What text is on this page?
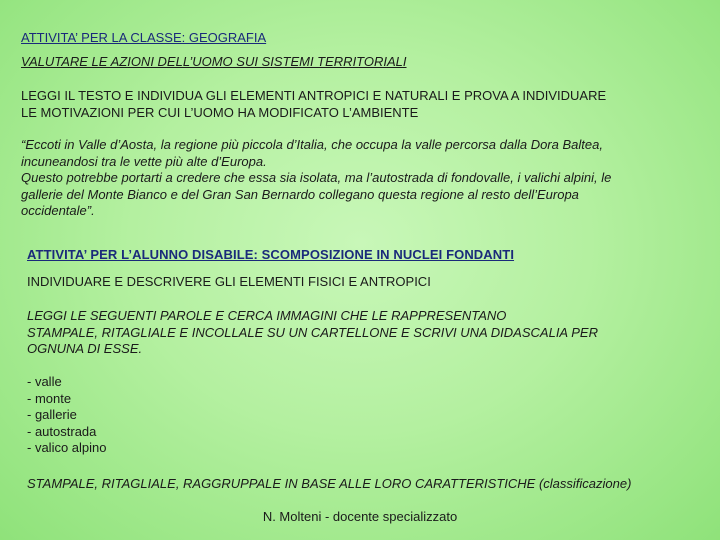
ATTIVITA’ PER LA CLASSE: GEOGRAFIA

VALUTARE LE AZIONI DELL’UOMO SUI SISTEMI TERRITORIALI

LEGGI IL TESTO E INDIVIDUA GLI ELEMENTI ANTROPICI E NATURALI E PROVA A INDIVIDUARE
LE MOTIVAZIONI PER CUI L’UOMO HA MODIFICATO L’AMBIENTE
“Eccoti in Valle d’Aosta, la regione più piccola d’Italia, che occupa la valle percorsa dalla Dora Baltea,
incuneandosi tra le vette più alte d’Europa.
Questo potrebbe portarti a credere che essa sia isolata, ma l’autostrada di fondovalle, i valichi alpini, le
gallerie del Monte Bianco e del Gran San Bernardo collegano questa regione al resto dell’Europa
occidentale”.

ATTIVITA’ PER L’ALUNNO DISABILE: SCOMPOSIZIONE IN NUCLEI FONDANTI

INDIVIDUARE E DESCRIVERE GLI ELEMENTI FISICI E ANTROPICI

LEGGI LE SEGUENTI PAROLE E CERCA IMMAGINI CHE LE RAPPRESENTANO
STAMPALE, RITAGLIALE E INCOLLALE SU UN CARTELLONE E SCRIVI UNA DIDASCALIA PER
OGNUNA DI ESSE.
- valle
- monte
- gallerie
- autostrada
- valico alpino

STAMPALE, RITAGLIALE, RAGGRUPPALE IN BASE ALLE LORO CARATTERISTICHE (classificazione)

N. Molteni - docente specializzato
